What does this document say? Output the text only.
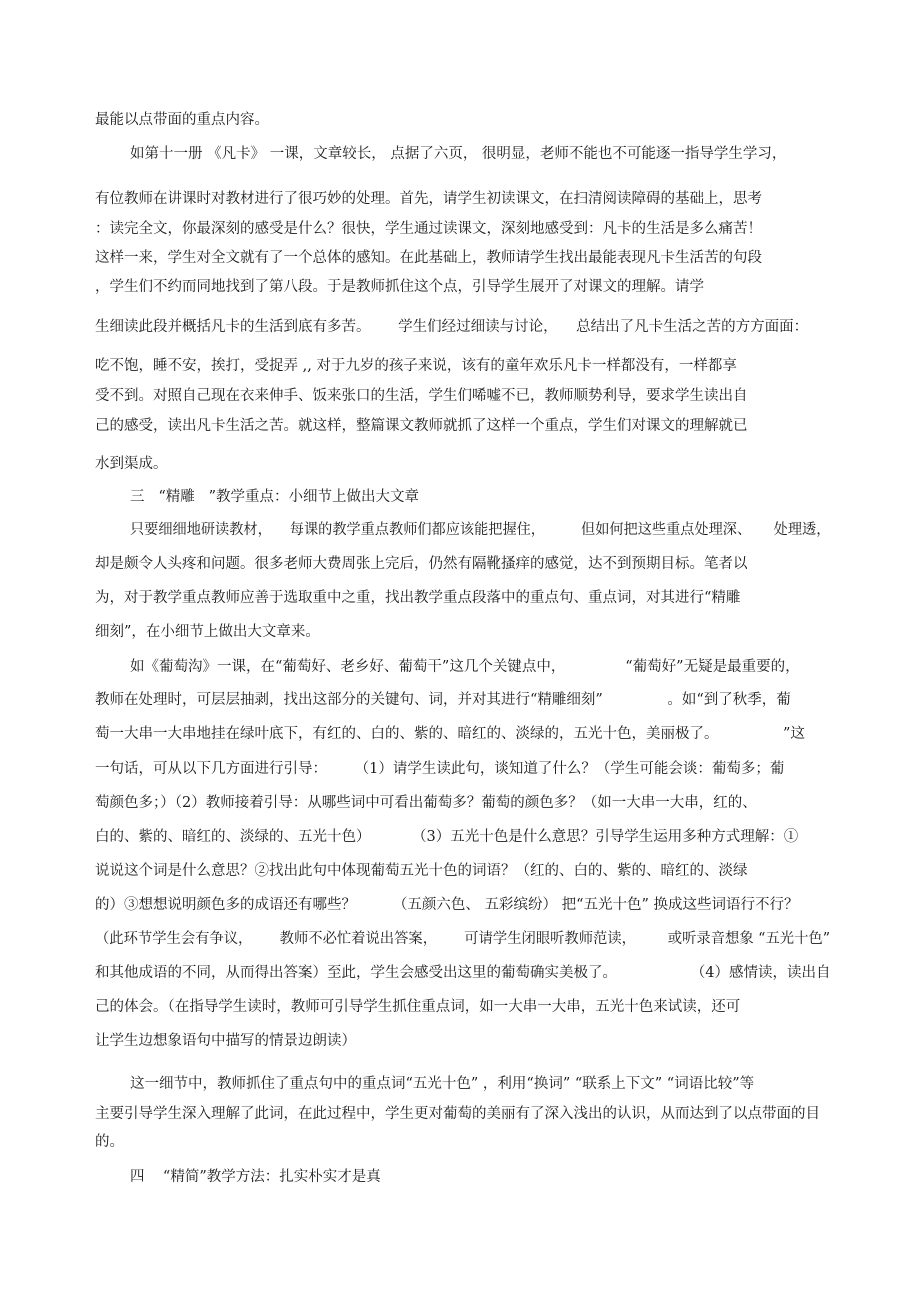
最能以点带面的重点内容。

如第十一册 《凡卡》 一课，文章较长， 点据了六页， 很明显，老师不能也不可能逐一指导学生学习，

有位教师在讲课时对教材进行了很巧妙的处理。首先，请学生初读课文，在扫清阅读障碍的基础上，思考

：读完全文，你最深刻的感受是什么？很快，学生通过读课文，深刻地感受到：凡卡的生活是多么痛苦！

这样一来，学生对全文就有了一个总体的感知。在此基础上，教师请学生找出最能表现凡卡生活苦的句段

，学生们不约而同地找到了第八段。于是教师抓住这个点，引导学生展开了对课文的理解。请学

生细读此段并概括凡卡的生活到底有多苦。      学生们经过细读与讨论，    总结出了凡卡生活之苦的方方面面：

吃不饱，睡不安，挨打，受捉弄 ,, 对于九岁的孩子来说，该有的童年欢乐凡卡一样都没有，一样都享

受不到。对照自己现在衣来伸手、饭来张口的生活，学生们唏嘘不已，教师顺势利导，要求学生读出自

己的感受，读出凡卡生活之苦。就这样，整篇课文教师就抓了这样一个重点，学生们对课文的理解就已

水到渠成。

三   “精雕   ”教学重点：小细节上做出大文章

只要细细地研读教材，    每课的教学重点教师们都应该能把握住，        但如何把这些重点处理深、     处理透，

却是颇令人头疼和问题。很多老师大费周张上完后，仍然有隔靴搔痒的感觉，达不到预期目标。笔者以

为，对于教学重点教师应善于选取重中之重，找出教学重点段落中的重点句、重点词，对其进行“精雕

细刻”，在小细节上做出大文章来。

如《葡萄沟》一课，在“葡萄好、老乡好、葡萄干”这几个关键点中，             “葡萄好”无疑是最重要的，

教师在处理时，可层层抽剥，找出这部分的关键句、词，并对其进行“精雕细刻”              。如“到了秋季，葡

萄一大串一大串地挂在绿叶底下，有红的、白的、紫的、暗红的、淡绿的，五光十色，美丽极了。              ”这

一句话，可从以下几方面进行引导：      （1）请学生读此句，谈知道了什么？（学生可能会谈：葡萄多；葡

萄颜色多；）（2）教师接着引导：从哪些词中可看出葡萄多？葡萄的颜色多？（如一大串一大串，红的、

白的、紫的、暗红的、淡绿的、五光十色）         （3）五光十色是什么意思？引导学生运用多种方式理解：①

说说这个词是什么意思？②找出此句中体现葡萄五光十色的词语？（红的、白的、紫的、暗红的、淡绿

的）③想想说明颜色多的成语还有哪些？        （五颜六色、 五彩缤纷） 把“五光十色” 换成这些词语行不行？

（此环节学生会有争议，      教师不必忙着说出答案，      可请学生闭眼听教师范读，       或听录音想象 “五光十色”

和其他成语的不同，从而得出答案）至此，学生会感受出这里的葡萄确实美极了。                （4）感情读，读出自

己的体会。（在指导学生读时，教师可引导学生抓住重点词，如一大串一大串，五光十色来试读，还可

让学生边想象语句中描写的情景边朗读）

这一细节中，教师抓住了重点句中的重点词“五光十色” ，利用“换词” “联系上下文” “词语比较”等

主要引导学生深入理解了此词，在此过程中，学生更对葡萄的美丽有了深入浅出的认识，从而达到了以点带面的目

的。

四    “精简”教学方法：扎实朴实才是真
